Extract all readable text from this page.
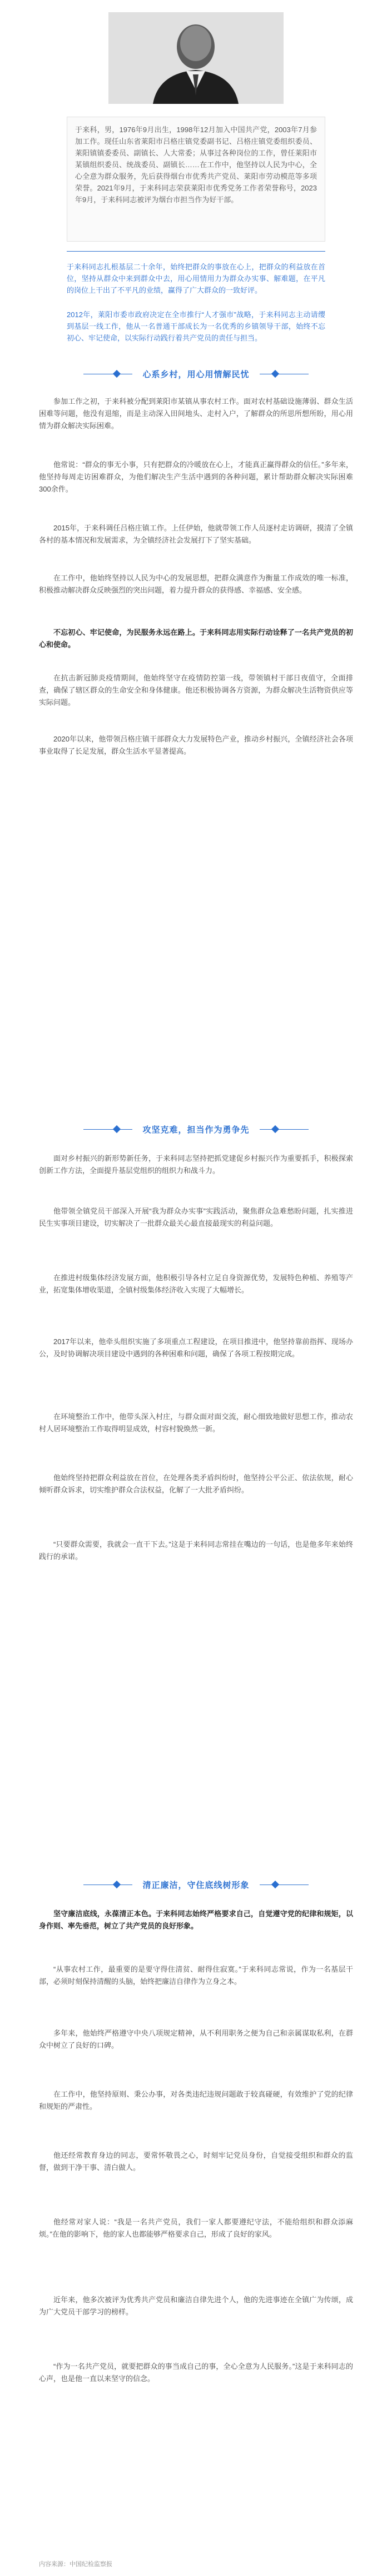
于来科，男，1976年9月出生，1998年12月加入中国共产党，2003年7月参加工作。现任山东省莱阳市吕格庄镇党委副书记、吕格庄镇党委组织委员、莱阳镇镇委委员、副镇长、人大常委；从事过各种岗位的工作，曾任莱阳市某镇组织委员、统战委员、副镇长……在工作中，他坚持以人民为中心，全心全意为群众服务，先后获得烟台市优秀共产党员、莱阳市劳动模范等多项荣誉。2021年9月，于来科同志荣获莱阳市优秀党务工作者荣誉称号，2023年9月，于来科同志被评为烟台市担当作为好干部。
于来科同志扎根基层二十余年，始终把群众的事放在心上，把群众的利益放在首位，坚持从群众中来到群众中去，用心用情用力为群众办实事、解难题，在平凡的岗位上干出了不平凡的业绩，赢得了广大群众的一致好评。
2012年，莱阳市委市政府决定在全市推行“人才强市”战略，于来科同志主动请缨到基层一线工作，他从一名普通干部成长为一名优秀的乡镇领导干部，始终不忘初心、牢记使命，以实际行动践行着共产党员的责任与担当。
心系乡村，用心用情解民忧
参加工作之初，于来科被分配到莱阳市某镇从事农村工作。面对农村基础设施薄弱、群众生活困难等问题，他没有退缩，而是主动深入田间地头、走村入户，了解群众的所思所想所盼，用心用情为群众解决实际困难。
他常说：“群众的事无小事，只有把群众的冷暖放在心上，才能真正赢得群众的信任。”多年来，他坚持每周走访困难群众，为他们解决生产生活中遇到的各种问题，累计帮助群众解决实际困难300余件。
2015年，于来科调任吕格庄镇工作。上任伊始，他就带领工作人员逐村走访调研，摸清了全镇各村的基本情况和发展需求，为全镇经济社会发展打下了坚实基础。
在工作中，他始终坚持以人民为中心的发展思想，把群众满意作为衡量工作成效的唯一标准，积极推动解决群众反映强烈的突出问题，着力提升群众的获得感、幸福感、安全感。
不忘初心、牢记使命，为民服务永远在路上。于来科同志用实际行动诠释了一名共产党员的初心和使命。
在抗击新冠肺炎疫情期间，他始终坚守在疫情防控第一线，带领镇村干部日夜值守，全面排查，确保了辖区群众的生命安全和身体健康。他还积极协调各方资源，为群众解决生活物资供应等实际问题。
2020年以来，他带领吕格庄镇干部群众大力发展特色产业，推动乡村振兴，全镇经济社会各项事业取得了长足发展，群众生活水平显著提高。
攻坚克难，担当作为勇争先
面对乡村振兴的新形势新任务，于来科同志坚持把抓党建促乡村振兴作为重要抓手，积极探索创新工作方法，全面提升基层党组织的组织力和战斗力。
他带领全镇党员干部深入开展“我为群众办实事”实践活动，聚焦群众急难愁盼问题，扎实推进民生实事项目建设，切实解决了一批群众最关心最直接最现实的利益问题。
在推进村级集体经济发展方面，他积极引导各村立足自身资源优势，发展特色种植、养殖等产业，拓宽集体增收渠道，全镇村级集体经济收入实现了大幅增长。
2017年以来，他牵头组织实施了多项重点工程建设，在项目推进中，他坚持靠前指挥、现场办公，及时协调解决项目建设中遇到的各种困难和问题，确保了各项工程按期完成。
在环境整治工作中，他带头深入村庄，与群众面对面交流，耐心细致地做好思想工作，推动农村人居环境整治工作取得明显成效，村容村貌焕然一新。
他始终坚持把群众利益放在首位，在处理各类矛盾纠纷时，他坚持公平公正、依法依规，耐心倾听群众诉求，切实维护群众合法权益，化解了一大批矛盾纠纷。
“只要群众需要，我就会一直干下去。”这是于来科同志常挂在嘴边的一句话，也是他多年来始终践行的承诺。
清正廉洁，守住底线树形象
坚守廉洁底线，永葆清正本色。于来科同志始终严格要求自己，自觉遵守党的纪律和规矩，以身作则、率先垂范，树立了共产党员的良好形象。
“从事农村工作，最重要的是要守得住清贫、耐得住寂寞。”于来科同志常说，作为一名基层干部，必须时刻保持清醒的头脑，始终把廉洁自律作为立身之本。
多年来，他始终严格遵守中央八项规定精神，从不利用职务之便为自己和亲属谋取私利，在群众中树立了良好的口碑。
在工作中，他坚持原则、秉公办事，对各类违纪违规问题敢于较真碰硬，有效维护了党的纪律和规矩的严肃性。
他还经常教育身边的同志，要常怀敬畏之心，时刻牢记党员身份，自觉接受组织和群众的监督，做到干净干事、清白做人。
他经常对家人说：“我是一名共产党员，我们一家人都要遵纪守法，不能给组织和群众添麻烦。”在他的影响下，他的家人也都能够严格要求自己，形成了良好的家风。
近年来，他多次被评为优秀共产党员和廉洁自律先进个人，他的先进事迹在全镇广为传颂，成为广大党员干部学习的榜样。
“作为一名共产党员，就要把群众的事当成自己的事，全心全意为人民服务。”这是于来科同志的心声，也是他一直以来坚守的信念。
内容来源：中国纪检监察报
